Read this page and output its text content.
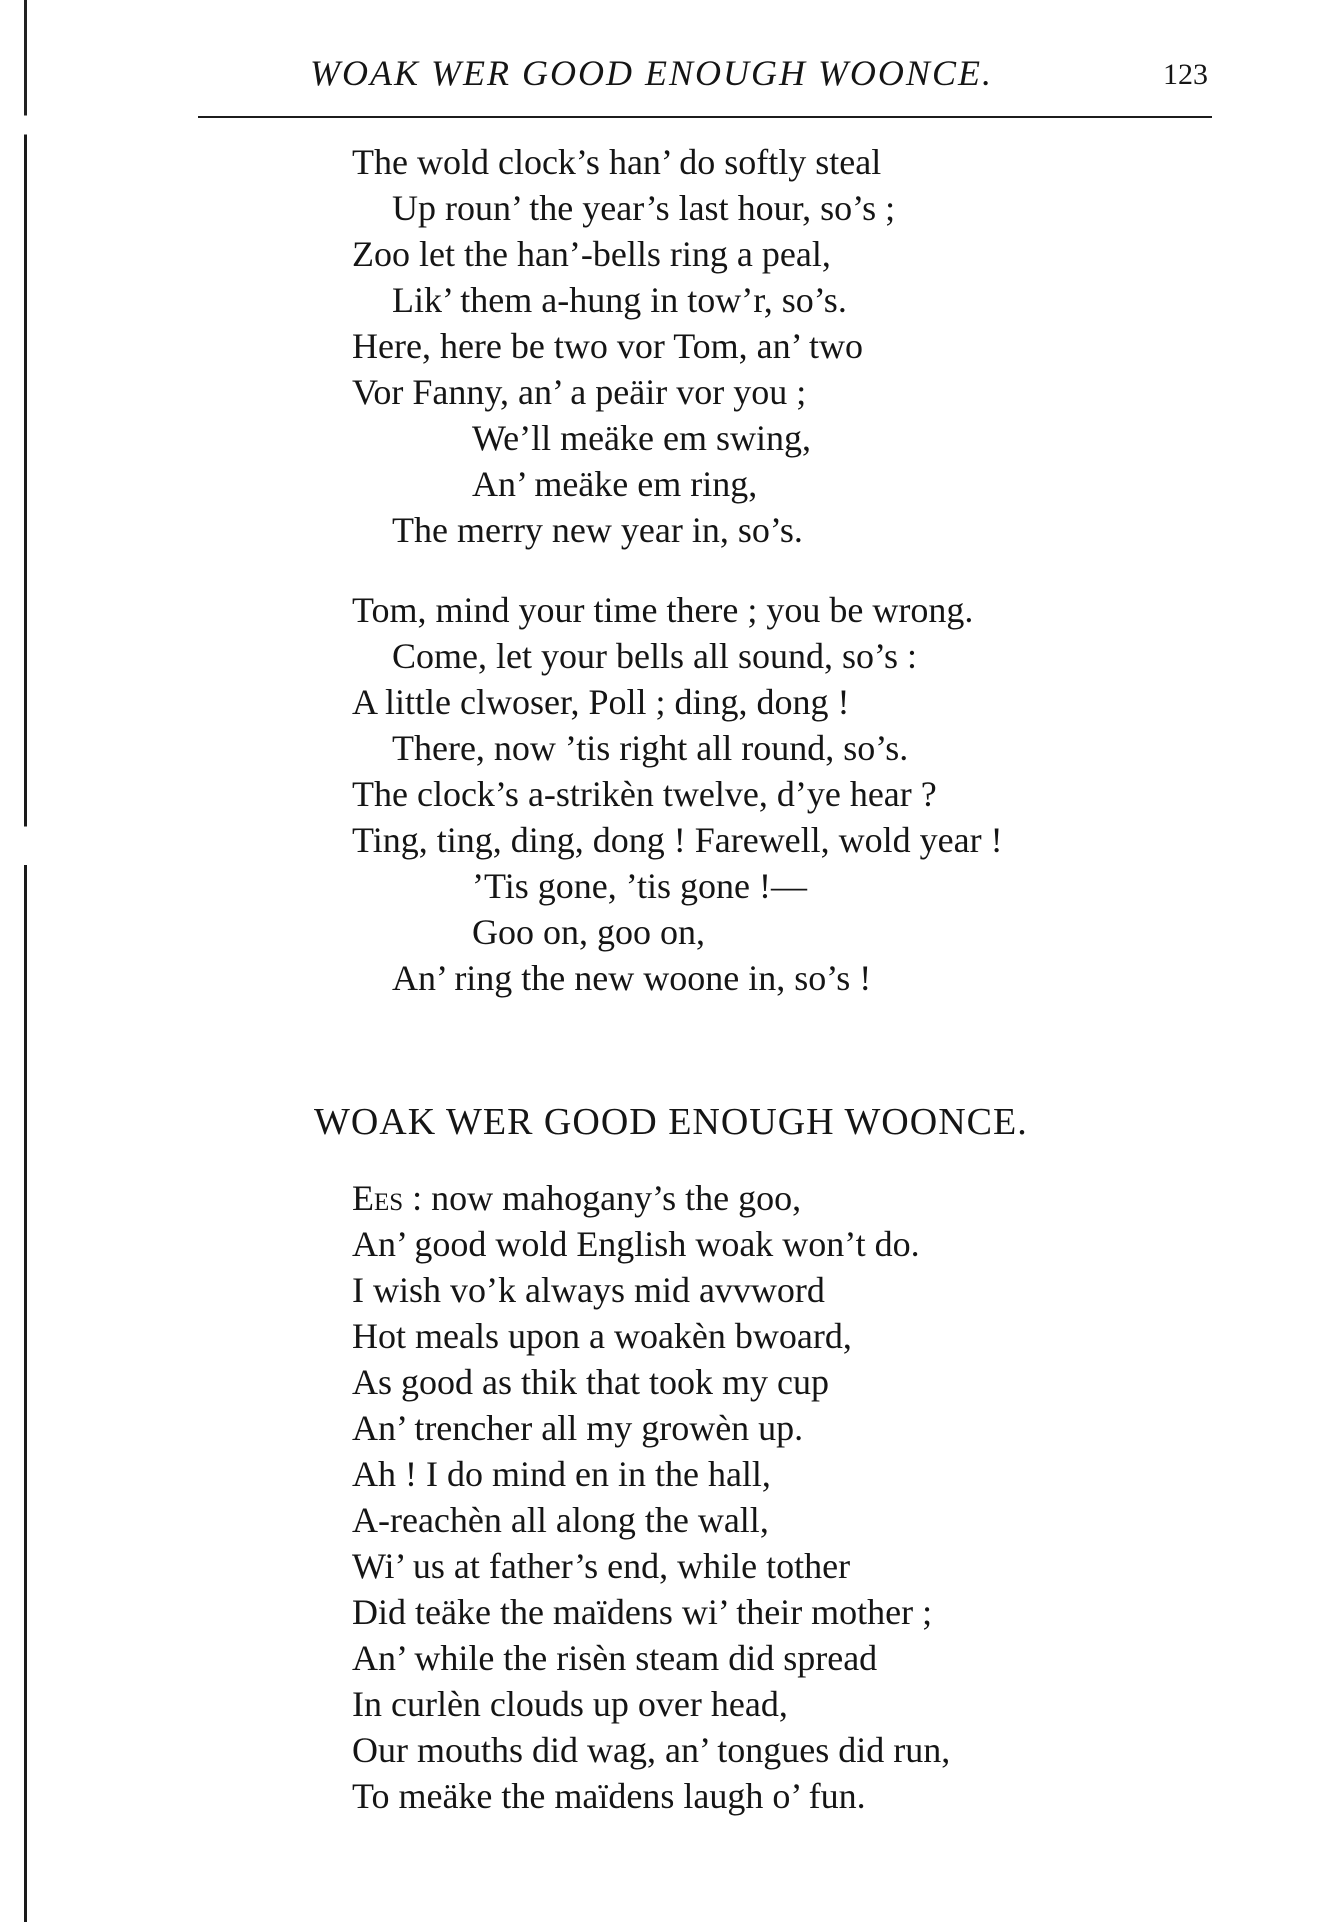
WOAK WER GOOD ENOUGH WOONCE.	123
The wold clock’s han’ do softly steal
Up roun’ the year’s last hour, so’s ;
Zoo let the han’-bells ring a peal,
Lik’ them a-hung in tow’r, so’s.
Here, here be two vor Tom, an’ two
Vor Fanny, an’ a peäir vor you ;
We’ll meäke em swing,
An’ meäke em ring,
The merry new year in, so’s.
Tom, mind your time there ; you be wrong.
Come, let your bells all sound, so’s :
A little clwoser, Poll ; ding, dong !
There, now ’tis right all round, so’s.
The clock’s a-strikèn twelve, d’ye hear ?
Ting, ting, ding, dong ! Farewell, wold year !
’Tis gone, ’tis gone !—
Goo on, goo on,
An’ ring the new woone in, so’s !
WOAK WER GOOD ENOUGH WOONCE.
Ees : now mahogany’s the goo,
An’ good wold English woak won’t do.
I wish vo’k always mid avvword
Hot meals upon a woakèn bwoard,
As good as thik that took my cup
An’ trencher all my growèn up.
Ah ! I do mind en in the hall,
A-reachèn all along the wall,
Wi’ us at father’s end, while tother
Did teäke the maïdens wi’ their mother ;
An’ while the risèn steam did spread
In curlèn clouds up over head,
Our mouths did wag, an’ tongues did run,
To meäke the maïdens laugh o’ fun.
